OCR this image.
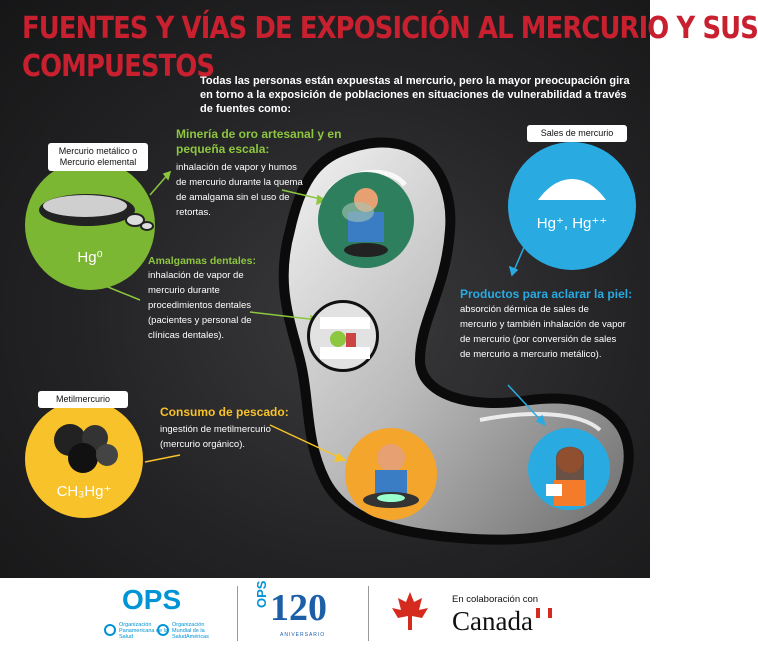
FUENTES Y VÍAS DE EXPOSICIÓN AL MERCURIO Y SUS
COMPUESTOS
Todas las personas están expuestas al mercurio, pero la mayor preocupación gira en torno a la exposición de poblaciones en situaciones de vulnerabilidad a través de fuentes como:
Hg⁰
Mercurio metálico o Mercurio elemental
Hg⁺, Hg⁺⁺
Sales de mercurio
CH₃Hg⁺
Metilmercurio
Minería de oro artesanal y en pequeña escala:
inhalación de vapor y humos de mercurio durante la quema de amalgama sin el uso de retortas.
Amalgamas dentales:
inhalación de vapor de mercurio durante procedimientos dentales (pacientes y personal de clínicas dentales).
Productos para aclarar la piel:
absorción dérmica de sales de mercurio y también inhalación de vapor de mercurio (por conversión de sales de mercurio a mercurio metálico).
Consumo de pescado:
ingestión de metilmercurio (mercurio orgánico).
OPS
Organización Panamericana de la Salud
Organización Mundial de la Salud Américas
OPS 120
ANIVERSARIO
En colaboración con
Canada
